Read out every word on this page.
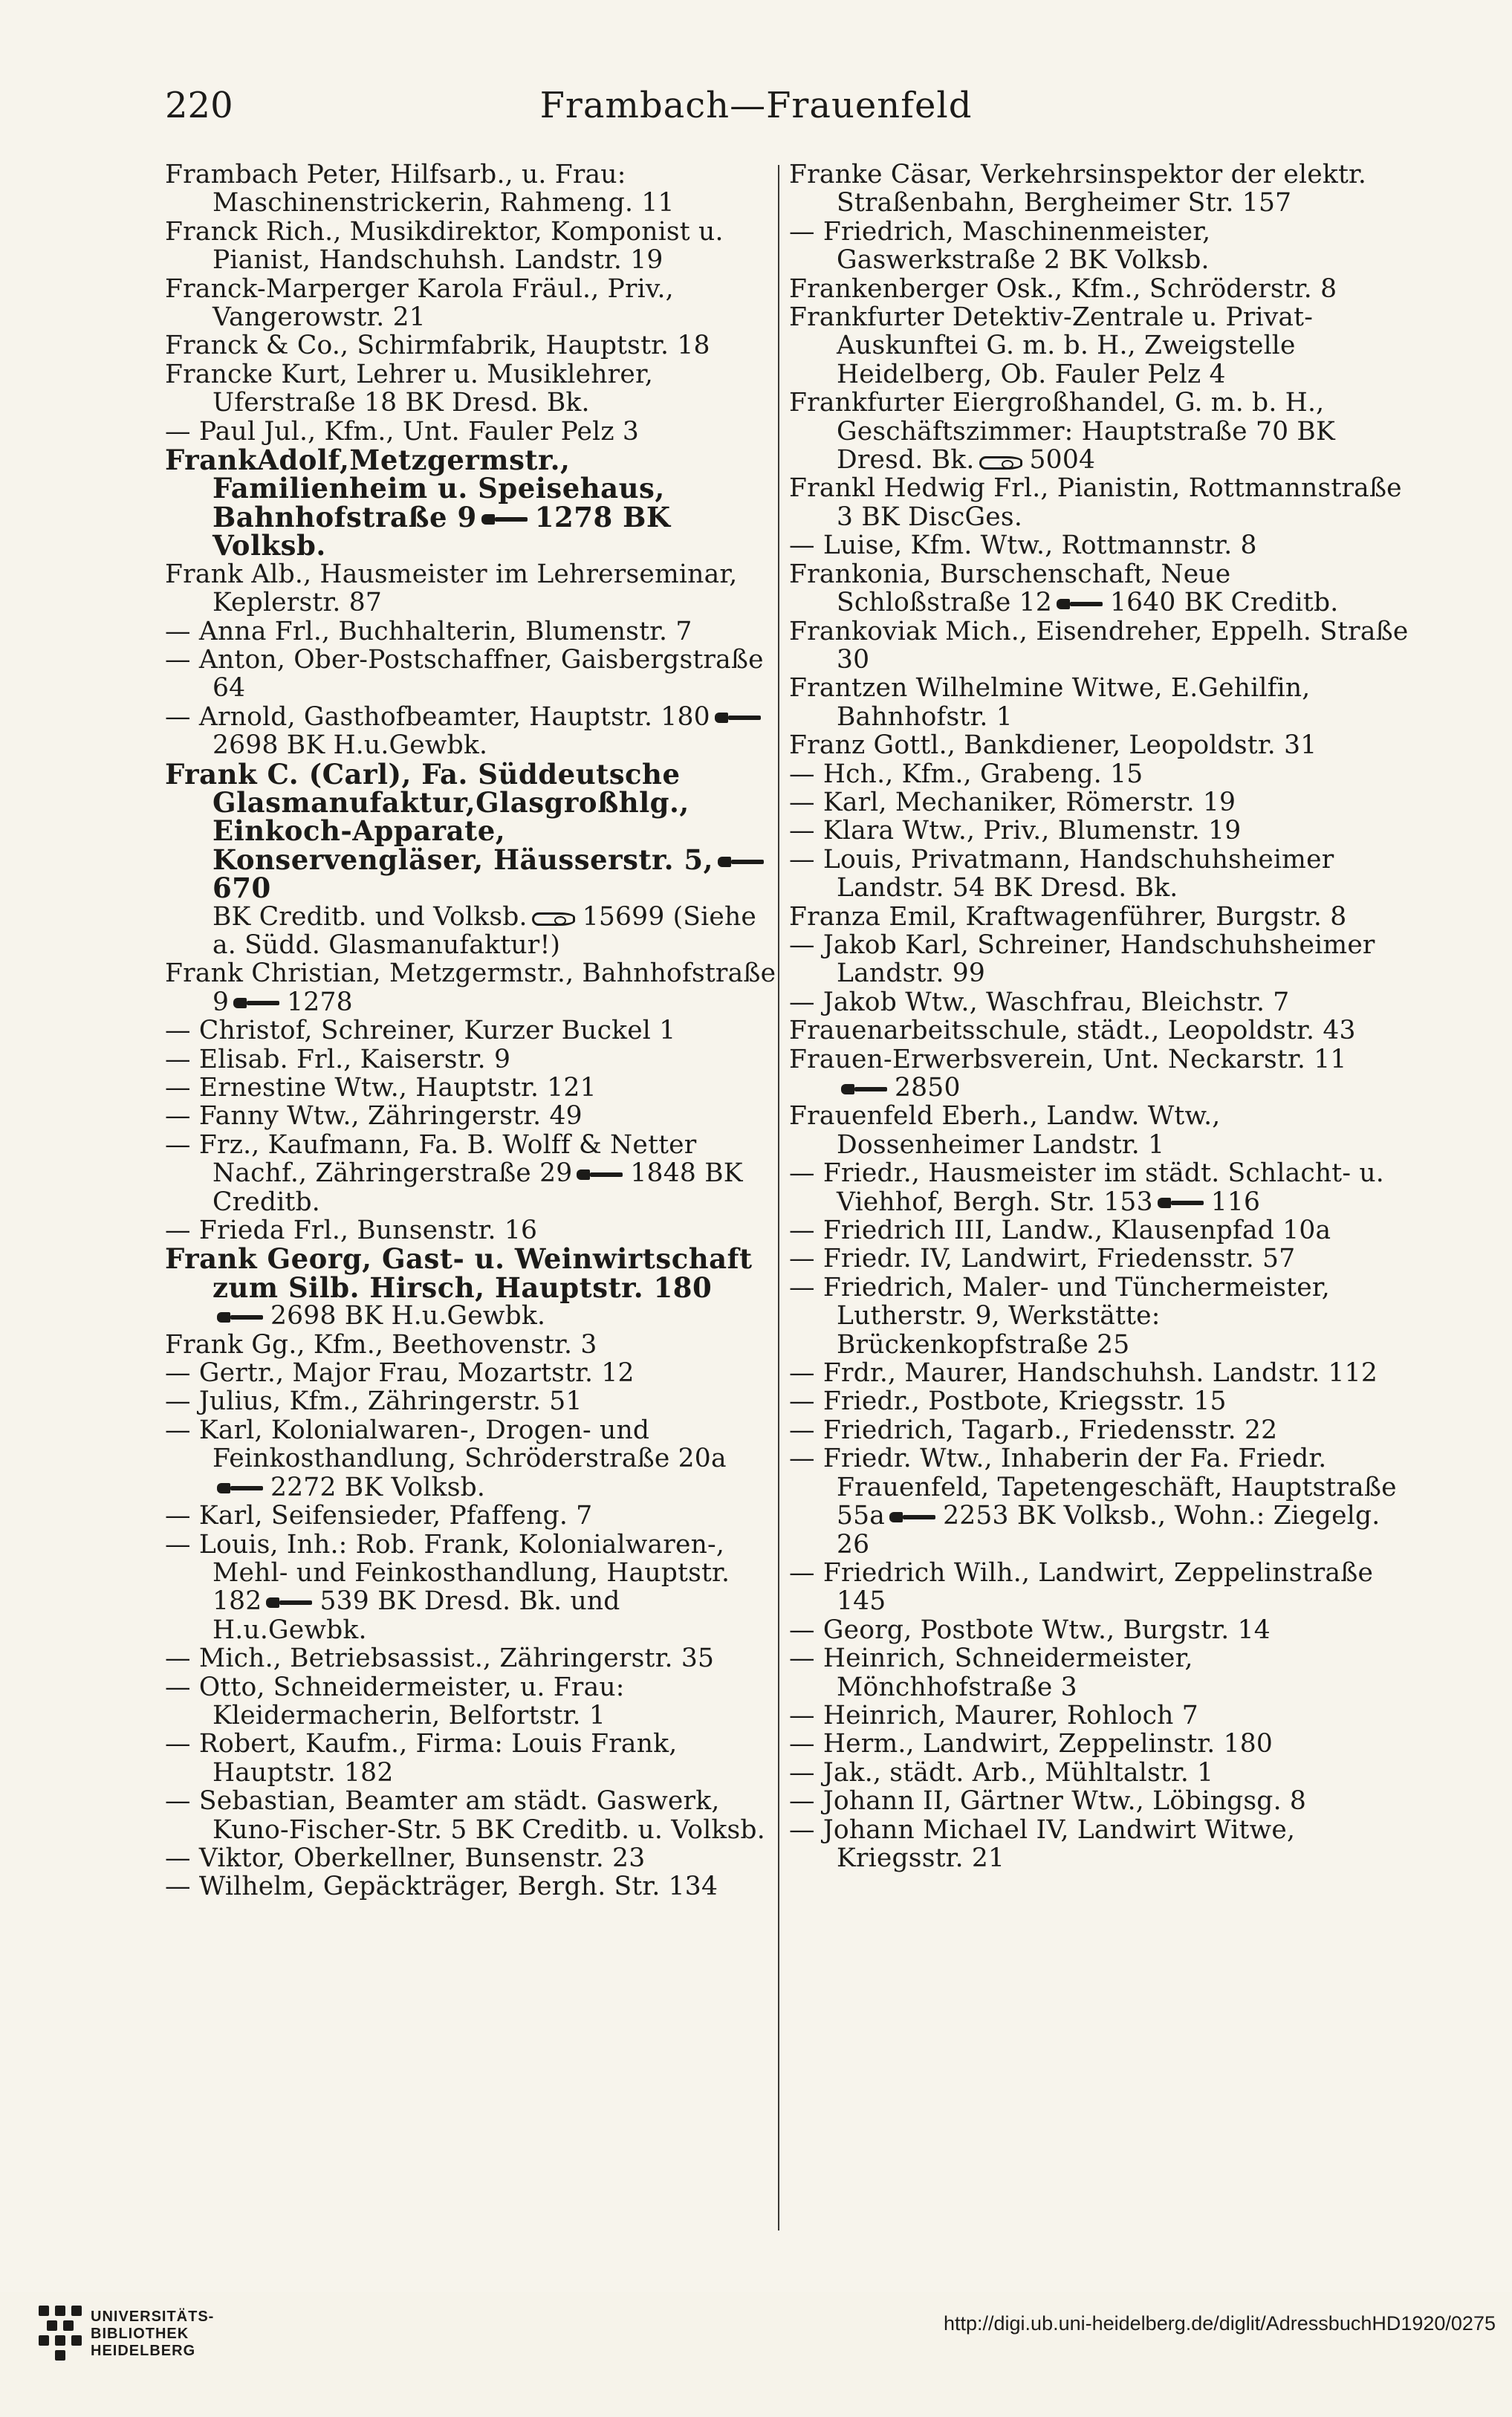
220	Frambach—Frauenfeld
Frambach Peter, Hilfsarb., u. Frau: Maschinenstrickerin, Rahmeng. 11
Franck Rich., Musikdirektor, Komponist u. Pianist, Handschuhsh. Landstr. 19
Franck-Marperger Karola Fräul., Priv., Vangerowstr. 21
Franck & Co., Schirmfabrik, Hauptstr. 18
Francke Kurt, Lehrer u. Musiklehrer, Uferstraße 18 BK Dresd. Bk.
— Paul Jul., Kfm., Unt. Fauler Pelz 3
FrankAdolf,Metzgermstr., Familienheim u. Speisehaus, Bahnhofstraße 9 1278 BK Volksb.
Frank Alb., Hausmeister im Lehrerseminar, Keplerstr. 87
— Anna Frl., Buchhalterin, Blumenstr. 7
— Anton, Ober-Postschaffner, Gaisbergstraße 64
— Arnold, Gasthofbeamter, Hauptstr. 1802698 BK H.u.Gewbk.
Frank C. (Carl), Fa. Süddeutsche Glasmanufaktur,Glasgroßhlg., Einkoch-Apparate, Konservengläser, Häusserstr. 5,670
BK Creditb. und Volksb. 15699 (Siehe a. Südd. Glasmanufaktur!)
Frank Christian, Metzgermstr., Bahnhofstraße 9 1278
— Christof, Schreiner, Kurzer Buckel 1
— Elisab. Frl., Kaiserstr. 9
— Ernestine Wtw., Hauptstr. 121
— Fanny Wtw., Zähringerstr. 49
— Frz., Kaufmann, Fa. B. Wolff & Netter Nachf., Zähringerstraße 29 1848 BK Creditb.
— Frieda Frl., Bunsenstr. 16
Frank Georg, Gast- u. Weinwirtschaft zum Silb. Hirsch, Hauptstr. 180
2698 BK H.u.Gewbk.
Frank Gg., Kfm., Beethovenstr. 3
— Gertr., Major Frau, Mozartstr. 12
— Julius, Kfm., Zähringerstr. 51
— Karl, Kolonialwaren-, Drogen- und Feinkosthandlung, Schröderstraße 20a2272 BK Volksb.
— Karl, Seifensieder, Pfaffeng. 7
— Louis, Inh.: Rob. Frank, Kolonialwaren-, Mehl- und Feinkosthandlung, Hauptstr. 182 539 BK Dresd. Bk. und H.u.Gewbk.
— Mich., Betriebsassist., Zähringerstr. 35
— Otto, Schneidermeister, u. Frau: Kleidermacherin, Belfortstr. 1
— Robert, Kaufm., Firma: Louis Frank, Hauptstr. 182
— Sebastian, Beamter am städt. Gaswerk, Kuno-Fischer-Str. 5 BK Creditb. u. Volksb.
— Viktor, Oberkellner, Bunsenstr. 23
— Wilhelm, Gepäckträger, Bergh. Str. 134
Franke Cäsar, Verkehrsinspektor der elektr. Straßenbahn, Bergheimer Str. 157
— Friedrich, Maschinenmeister, Gaswerkstraße 2 BK Volksb.
Frankenberger Osk., Kfm., Schröderstr. 8
Frankfurter Detektiv-Zentrale u. Privat-Auskunftei G. m. b. H., Zweigstelle Heidelberg, Ob. Fauler Pelz 4
Frankfurter Eiergroßhandel, G. m. b. H., Geschäftszimmer: Hauptstraße 70 BK Dresd. Bk. 5004
Frankl Hedwig Frl., Pianistin, Rottmannstraße 3 BK DiscGes.
— Luise, Kfm. Wtw., Rottmannstr. 8
Frankonia, Burschenschaft, Neue Schloßstraße 12 1640 BK Creditb.
Frankoviak Mich., Eisendreher, Eppelh. Straße 30
Frantzen Wilhelmine Witwe, E.Gehilfin, Bahnhofstr. 1
Franz Gottl., Bankdiener, Leopoldstr. 31
— Hch., Kfm., Grabeng. 15
— Karl, Mechaniker, Römerstr. 19
— Klara Wtw., Priv., Blumenstr. 19
— Louis, Privatmann, Handschuhsheimer Landstr. 54 BK Dresd. Bk.
Franza Emil, Kraftwagenführer, Burgstr. 8
— Jakob Karl, Schreiner, Handschuhsheimer Landstr. 99
— Jakob Wtw., Waschfrau, Bleichstr. 7
Frauenarbeitsschule, städt., Leopoldstr. 43
Frauen-Erwerbsverein, Unt. Neckarstr. 11
2850
Frauenfeld Eberh., Landw. Wtw., Dossenheimer Landstr. 1
— Friedr., Hausmeister im städt. Schlacht- u. Viehhof, Bergh. Str. 153 116
— Friedrich III, Landw., Klausenpfad 10a
— Friedr. IV, Landwirt, Friedensstr. 57
— Friedrich, Maler- und Tünchermeister, Lutherstr. 9, Werkstätte: Brückenkopfstraße 25
— Frdr., Maurer, Handschuhsh. Landstr. 112
— Friedr., Postbote, Kriegsstr. 15
— Friedrich, Tagarb., Friedensstr. 22
— Friedr. Wtw., Inhaberin der Fa. Friedr. Frauenfeld, Tapetengeschäft, Hauptstraße 55a 2253 BK Volksb., Wohn.: Ziegelg. 26
— Friedrich Wilh., Landwirt, Zeppelinstraße 145
— Georg, Postbote Wtw., Burgstr. 14
— Heinrich, Schneidermeister, Mönchhofstraße 3
— Heinrich, Maurer, Rohloch 7
— Herm., Landwirt, Zeppelinstr. 180
— Jak., städt. Arb., Mühltalstr. 1
— Johann II, Gärtner Wtw., Löbingsg. 8
— Johann Michael IV, Landwirt Witwe, Kriegsstr. 21
UNIVERSITÄTS-
BIBLIOTHEK
HEIDELBERG
http://digi.ub.uni-heidelberg.de/diglit/AdressbuchHD1920/0275
